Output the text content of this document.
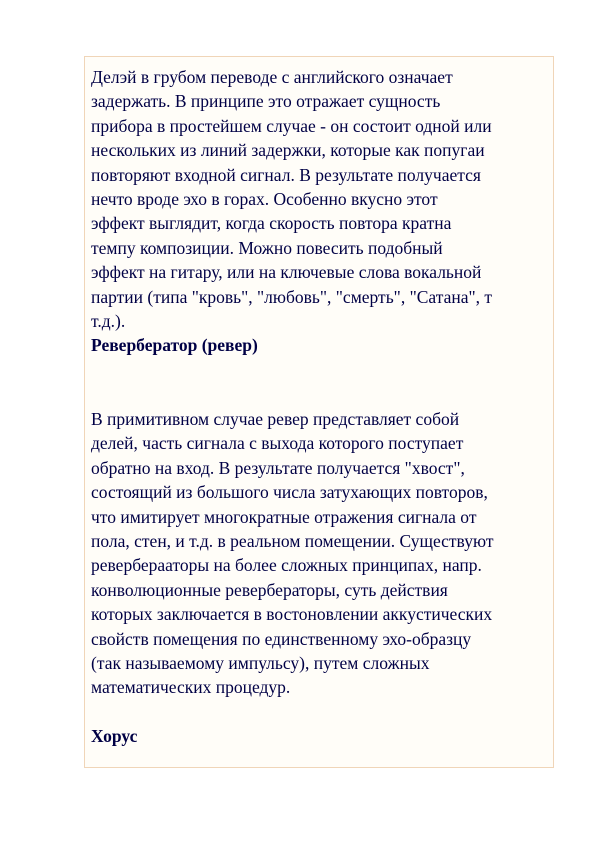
Делэй в грубом переводе с английского означает
задержать. В принципе это отражает сущность
прибора в простейшем случае - он состоит одной или
нескольких из линий задержки, которые как попугаи
повторяют входной сигнал. В результате получается
нечто вроде эхо в горах. Особенно вкусно этот
эффект выглядит, когда скорость повтора кратна
темпу композиции. Можно повесить подобный
эффект на гитару, или на ключевые слова вокальной
партии (типа "кровь", "любовь", "смерть", "Сатана", т
т.д.).

Ревербератор (ревер)

В примитивном случае ревер представляет собой
делей, часть сигнала с выхода которого поступает
обратно на вход. В результате получается "хвост",
состоящий из большого числа затухающих повторов,
что имитирует многократные отражения сигнала от
пола, стен, и т.д. в реальном помещении. Существуют
реверберааторы на более сложных принципах, напр.
конволюционные ревербераторы, суть действия
которых заключается в востоновлении аккустических
свойств помещения по единственному эхо-образцу
(так называемому импульсу), путем сложных
математических процедур.

Хорус
